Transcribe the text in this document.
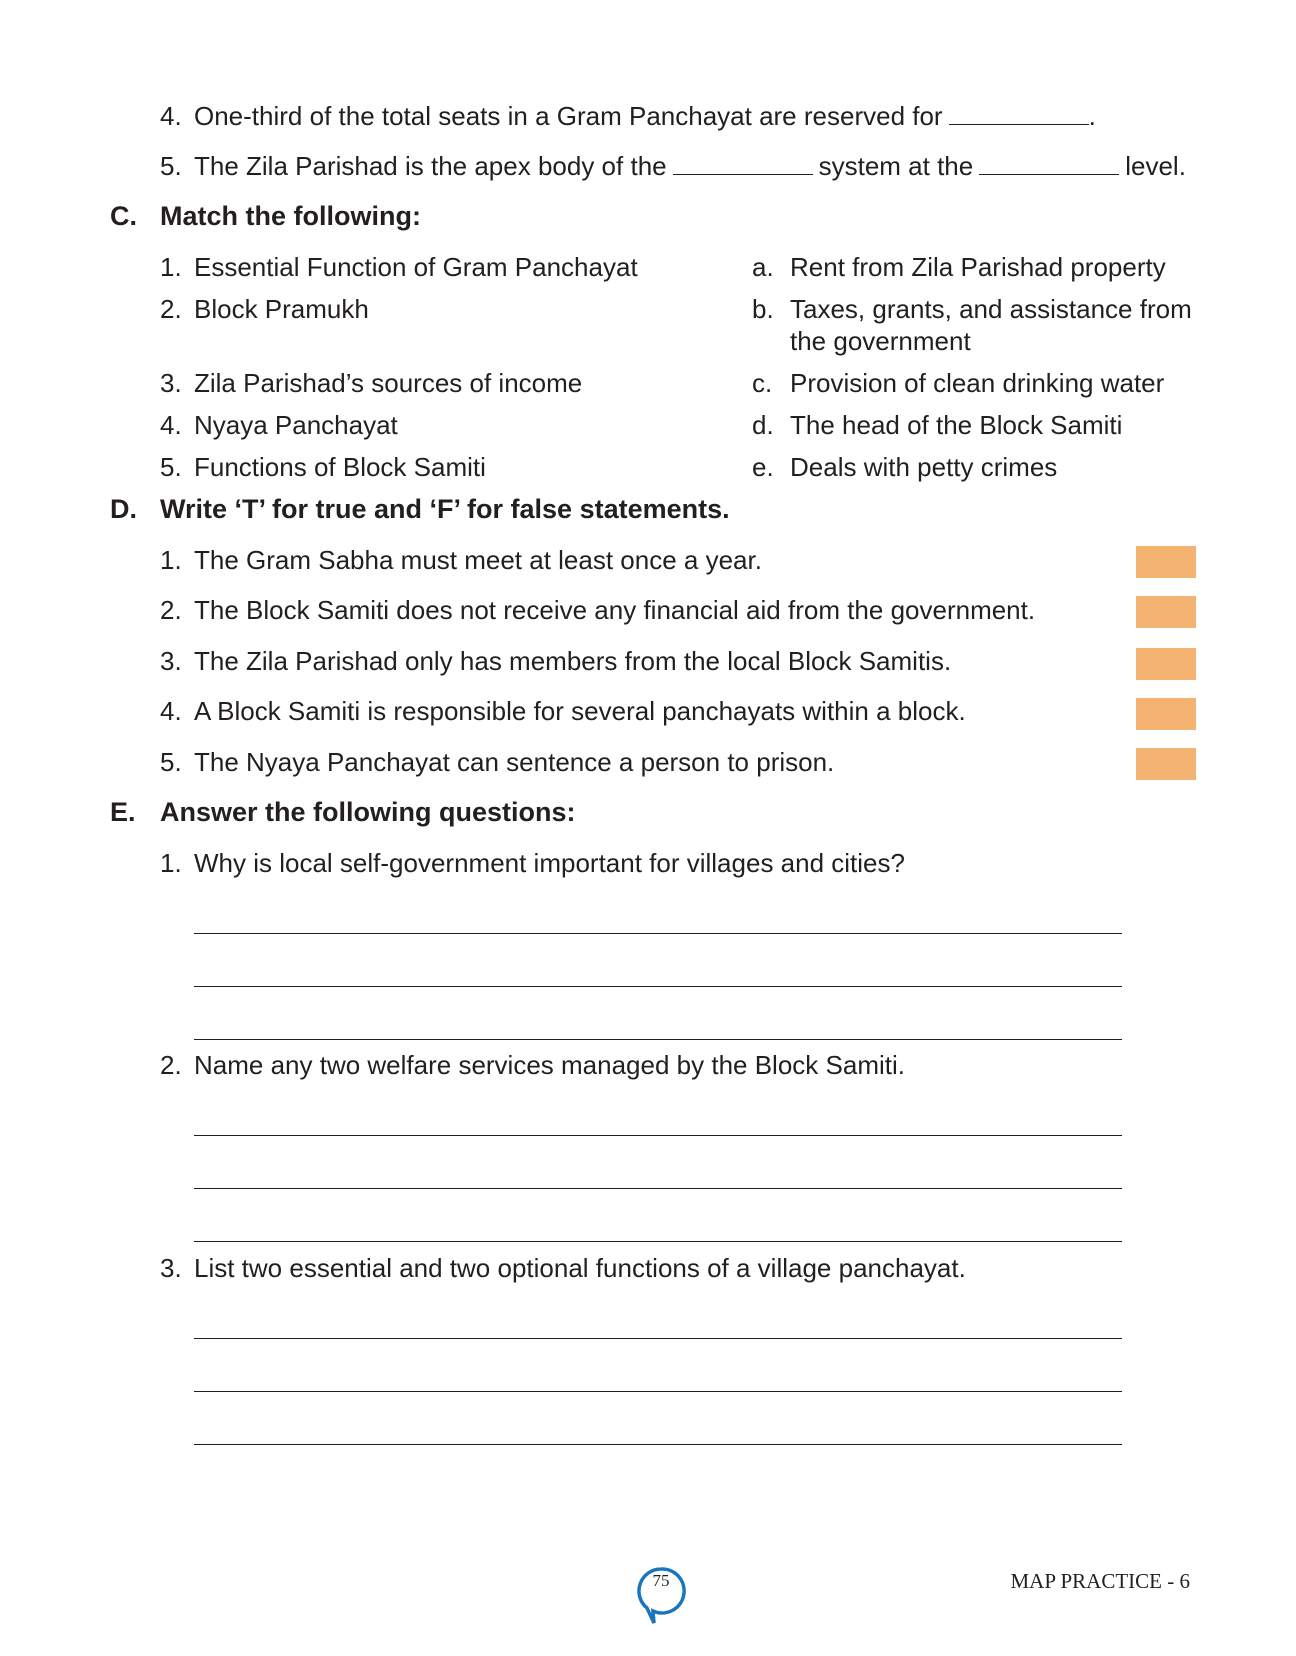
4. One-third of the total seats in a Gram Panchayat are reserved for	.
5. The Zila Parishad is the apex body of the	system at the	level.
C. Match the following:
1. Essential Function of Gram Panchayat	a. Rent from Zila Parishad property
2. Block Pramukh	b. Taxes, grants, and assistance from the government
3. Zila Parishad’s sources of income	c. Provision of clean drinking water
4. Nyaya Panchayat	d. The head of the Block Samiti
5. Functions of Block Samiti	e. Deals with petty crimes
D. Write ‘T’ for true and ‘F’ for false statements.
1. The Gram Sabha must meet at least once a year.
2. The Block Samiti does not receive any financial aid from the government.
3. The Zila Parishad only has members from the local Block Samitis.
4. A Block Samiti is responsible for several panchayats within a block.
5. The Nyaya Panchayat can sentence a person to prison.
E. Answer the following questions:
1. Why is local self-government important for villages and cities?
2. Name any two welfare services managed by the Block Samiti.
3. List two essential and two optional functions of a village panchayat.
75	MAP PRACTICE - 6
